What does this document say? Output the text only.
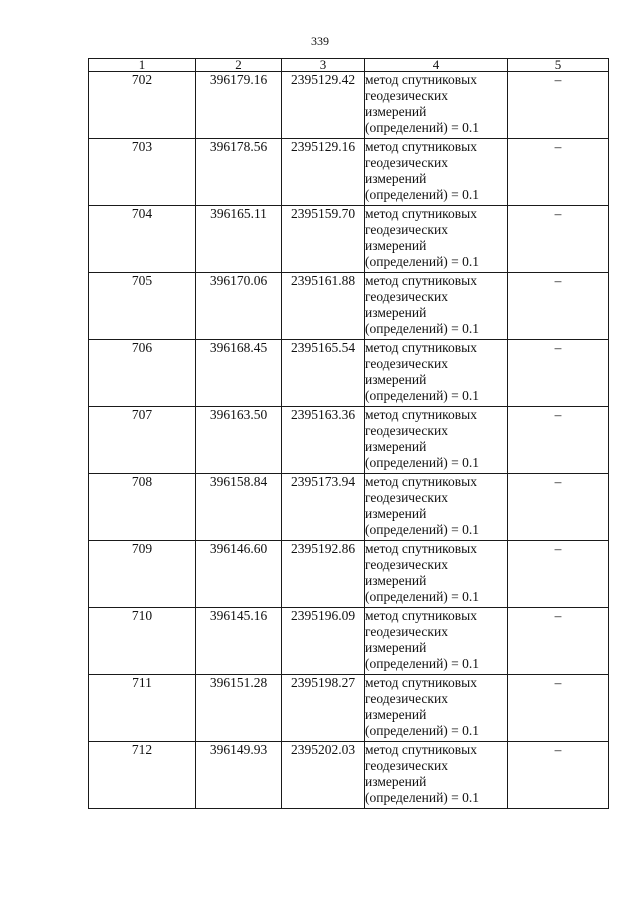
339
1	2	3	4	5
702	396179.16	2395129.42	метод спутниковых
геодезических
измерений
(определений) = 0.1	–
703	396178.56	2395129.16	метод спутниковых
геодезических
измерений
(определений) = 0.1	–
704	396165.11	2395159.70	метод спутниковых
геодезических
измерений
(определений) = 0.1	–
705	396170.06	2395161.88	метод спутниковых
геодезических
измерений
(определений) = 0.1	–
706	396168.45	2395165.54	метод спутниковых
геодезических
измерений
(определений) = 0.1	–
707	396163.50	2395163.36	метод спутниковых
геодезических
измерений
(определений) = 0.1	–
708	396158.84	2395173.94	метод спутниковых
геодезических
измерений
(определений) = 0.1	–
709	396146.60	2395192.86	метод спутниковых
геодезических
измерений
(определений) = 0.1	–
710	396145.16	2395196.09	метод спутниковых
геодезических
измерений
(определений) = 0.1	–
711	396151.28	2395198.27	метод спутниковых
геодезических
измерений
(определений) = 0.1	–
712	396149.93	2395202.03	метод спутниковых
геодезических
измерений
(определений) = 0.1	–
